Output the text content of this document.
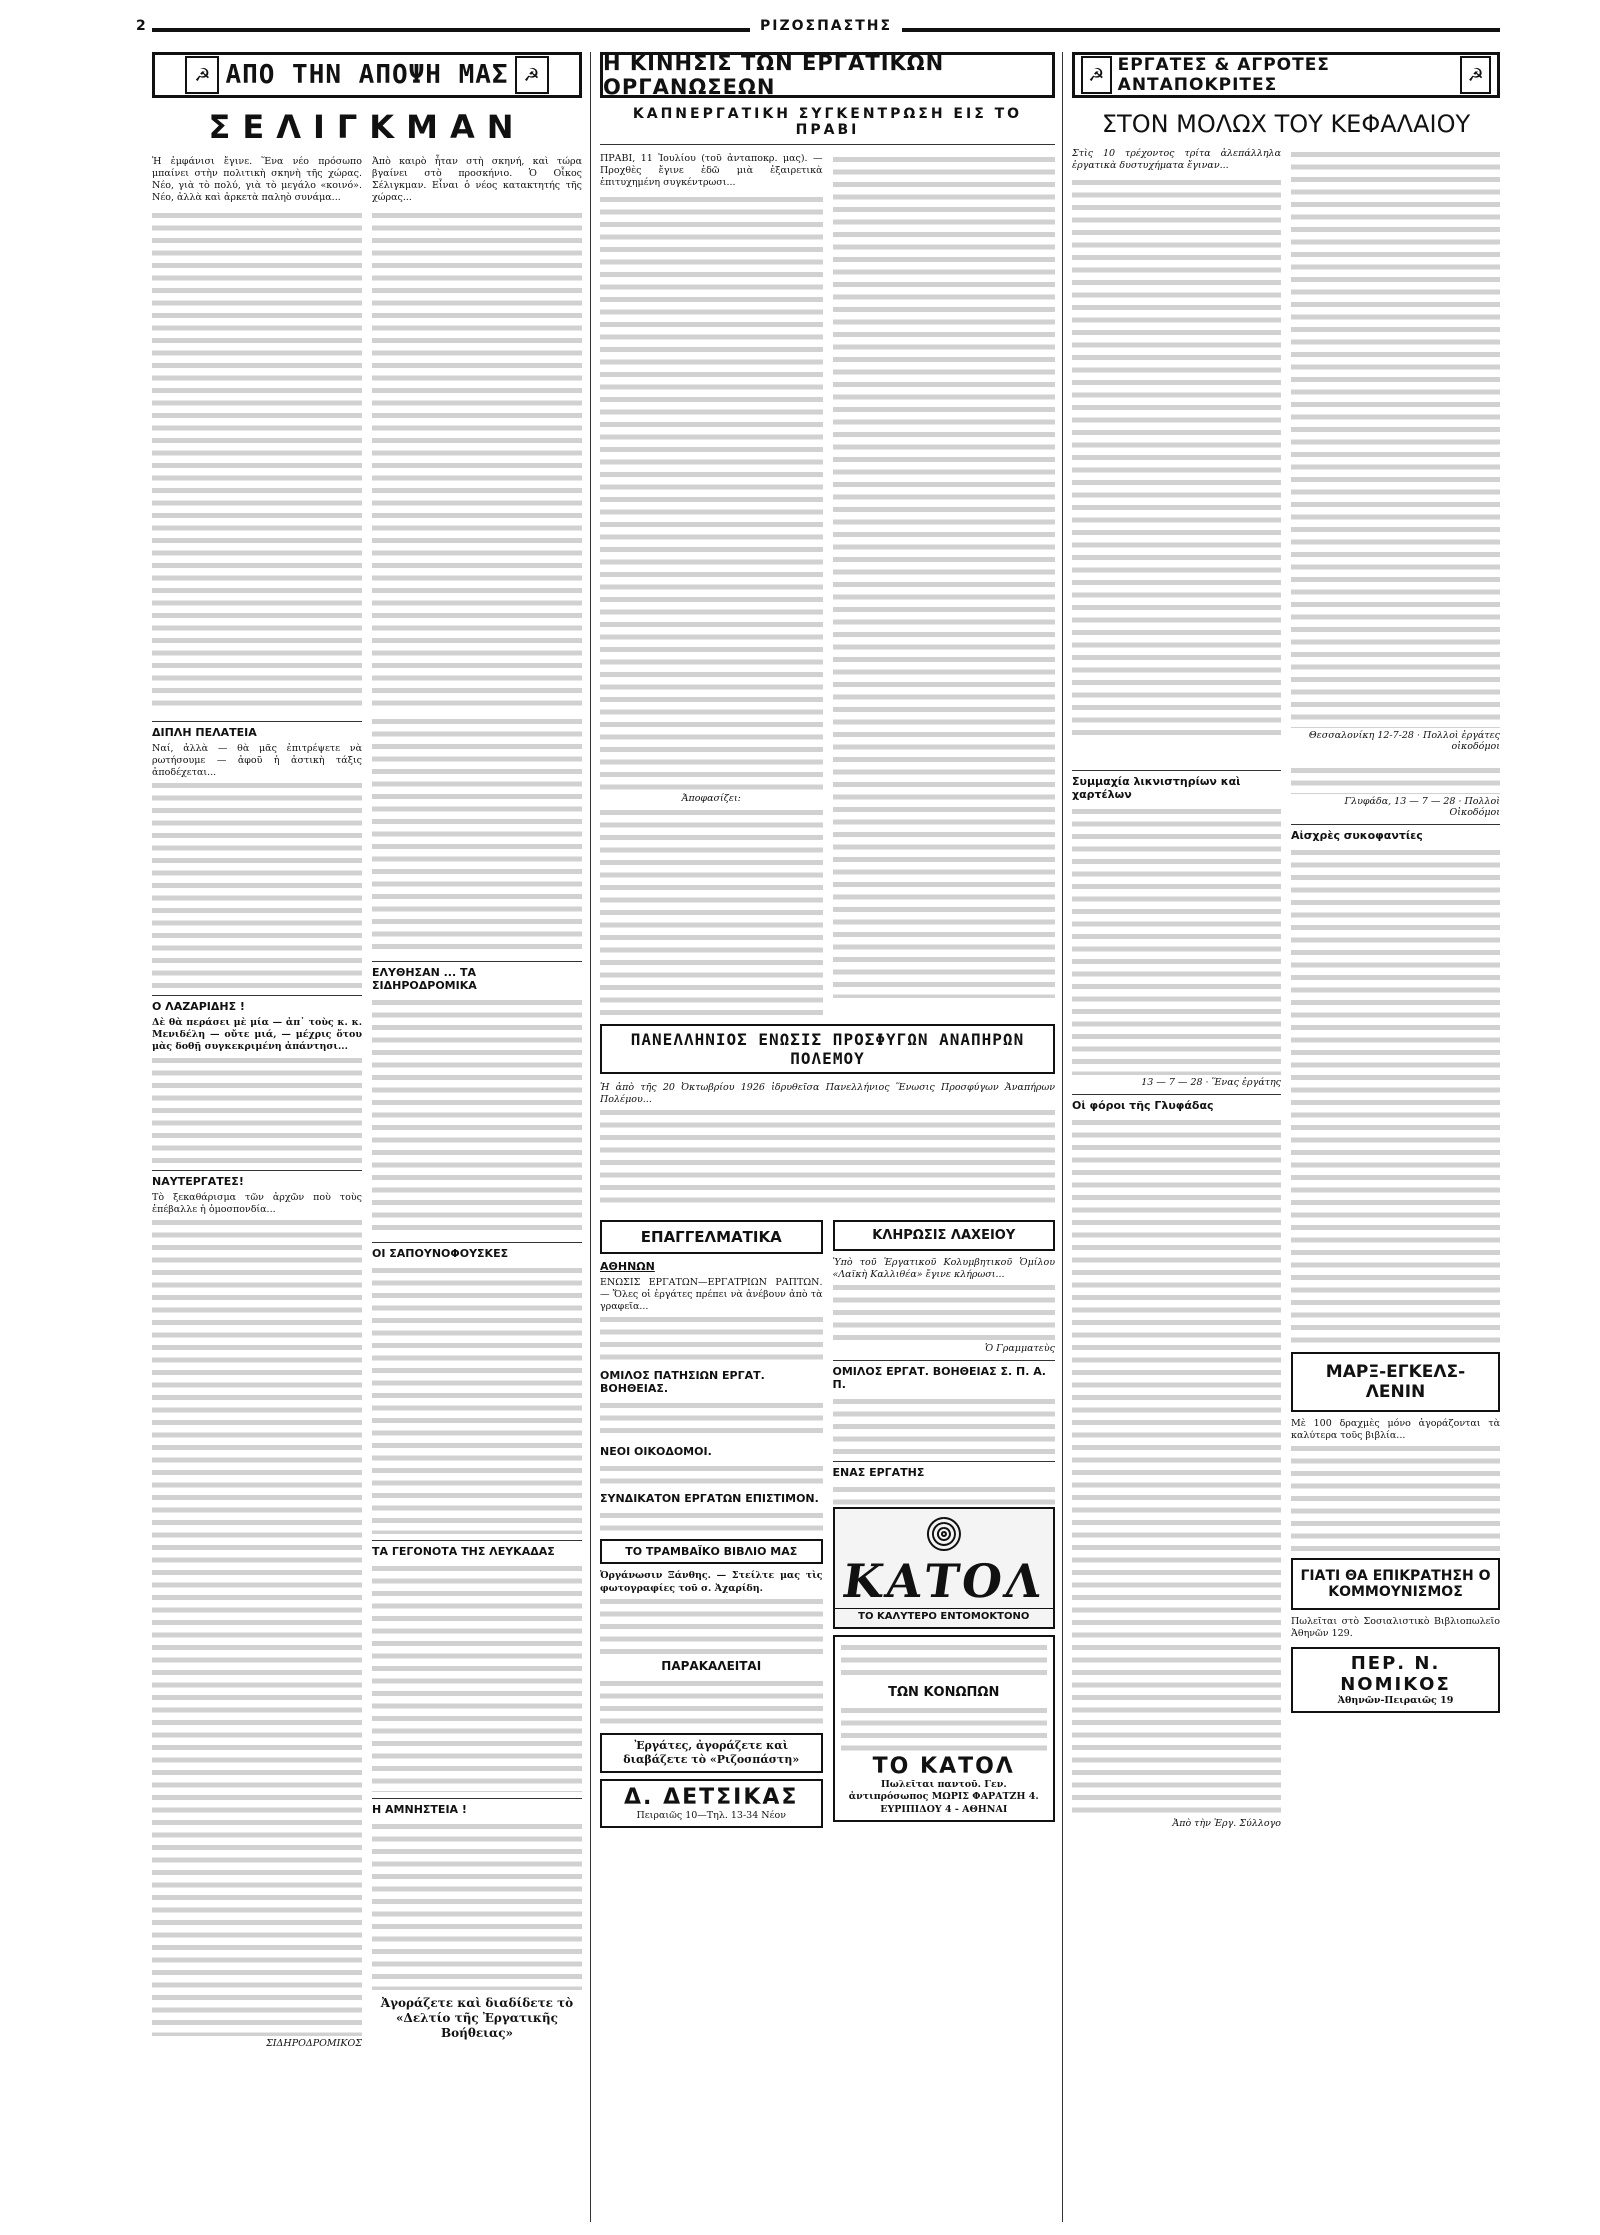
2	ΡΙΖΟΣΠΑΣΤΗΣ
☭ ΑΠΟ ΤΗΝ ΑΠΟΨΗ ΜΑΣ ☭
ΣΕΛΙΓΚΜΑΝ
Ἡ ἐμφάνισι ἔγινε. Ἕνα νέο πρόσωπο μπαίνει στὴν πολιτικὴ σκηνὴ τῆς χώρας. Νέο, γιὰ τὸ πολύ, γιὰ τὸ μεγάλο «κοινό». Νέο, ἀλλὰ καὶ ἀρκετὰ παληὸ συνάμα...
Ἀπὸ καιρὸ ἦταν στὴ σκηνή, καὶ τώρα βγαίνει στὸ προσκήνιο. Ὁ Οἶκος Σέλιγκμαν. Εἶναι ὁ νέος κατακτητής τῆς χώρας...
ΔΙΠΛΗ ΠΕΛΑΤΕΙΑ
Ναί, ἀλλὰ — θὰ μᾶς ἐπιτρέψετε νὰ ρωτήσουμε — ἀφοῦ ἡ ἀστικὴ τάξις ἀποδέχεται...
Ο ΛΑΖΑΡΙΔΗΣ !
Δὲ θὰ περάσει μὲ μία — ἀπ᾿ τοὺς κ. κ. Μενιδέλη — οὔτε μιά, — μέχρις ὅτου μὰς δοθῇ συγκεκριμένη ἀπάντησι...
ΝΑΥΤΕΡΓΑΤΕΣ!
Τὸ ξεκαθάρισμα τῶν ἀρχῶν ποὺ τοὺς ἐπέβαλλε ἡ ὁμοσπονδία...
ΣΙΔΗΡΟΔΡΟΜΙΚΟΣ
ΕΛΥΘΗΣΑΝ ... ΤΑ ΣΙΔΗΡΟΔΡΟΜΙΚΑ
ΟΙ ΣΑΠΟΥΝΟΦΟΥΣΚΕΣ
ΤΑ ΓΕΓΟΝΟΤΑ ΤΗΣ ΛΕΥΚΑΔΑΣ
Η ΑΜΝΗΣΤΕΙΑ !
Ἀγοράζετε καὶ διαδίδετε τὸ «Δελτίο τῆς Ἐργατικῆς Βοήθειας»
Η ΚΙΝΗΣΙΣ ΤΩΝ ΕΡΓΑΤΙΚΩΝ ΟΡΓΑΝΩΣΕΩΝ
ΚΑΠΝΕΡΓΑΤΙΚΗ ΣΥΓΚΕΝΤΡΩΣΗ ΕΙΣ ΤΟ ΠΡΑΒΙ
ΠΡΑΒΙ, 11 Ἰουλίου (τοῦ ἀνταποκρ. μας). — Προχθὲς ἔγινε ἐδῶ μιὰ ἐξαιρετικὰ ἐπιτυχημένη συγκέντρωσι...
Ἀποφασίζει:
ΠΑΝΕΛΛΗΝΙΟΣ ΕΝΩΣΙΣ ΠΡΟΣΦΥΓΩΝ ΑΝΑΠΗΡΩΝ ΠΟΛΕΜΟΥ
Ἡ ἀπὸ τῆς 20 Ὀκτωβρίου 1926 ἱδρυθεῖσα Πανελλήνιος Ἕνωσις Προσφύγων Ἀναπήρων Πολέμου...
ΕΠΑΓΓΕΛΜΑΤΙΚΑ
ΑΘΗΝΩΝ
ΕΝΩΣΙΣ ΕΡΓΑΤΩΝ—ΕΡΓΑΤΡΙΩΝ ΡΑΠΤΩΝ. — Ὅλες οἱ ἐργάτες πρέπει νὰ ἀνέβουν ἀπὸ τὰ γραφεῖα...
ΟΜΙΛΟΣ ΠΑΤΗΣΙΩΝ ΕΡΓΑΤ. ΒΟΗΘΕΙΑΣ.
ΝΕΟΙ ΟΙΚΟΔΟΜΟΙ.
ΣΥΝΔΙΚΑΤΟΝ ΕΡΓΑΤΩΝ ΕΠΙΣΤΙΜΟΝ.
ΤΟ ΤΡΑΜΒΑΪΚΟ ΒΙΒΛΙΟ ΜΑΣ
Ὀργάνωσιν Ξάνθης. — Στείλτε μας τὶς φωτογραφίες τοῦ σ. Ἀχαρίδη.
ΠΑΡΑΚΑΛΕΙΤΑΙ
Ἐργάτες, ἀγοράζετε καὶ διαβάζετε τὸ «Ριζοσπάστη»
Δ. ΔΕΤΣΙΚΑΣ
Πειραιῶς 10—Τηλ. 13-34 Νέον
ΚΛΗΡΩΣΙΣ ΛΑΧΕΙΟΥ
Ὑπὸ τοῦ Ἐργατικοῦ Κολυμβητικοῦ Ὁμίλου «Λαϊκὴ Καλλιθέα» ἔγινε κλήρωσι...
Ὁ Γραμματεὺς
ΟΜΙΛΟΣ ΕΡΓΑΤ. ΒΟΗΘΕΙΑΣ Σ. Π. Α. Π.
ΕΝΑΣ ΕΡΓΑΤΗΣ
ΚΑΤΟΛ
ΤΟ ΚΑΛΥΤΕΡΟ ΕΝΤΟΜΟΚΤΟΝΟ
ΤΩΝ ΚΟΝΩΠΩΝ
ΤΟ ΚΑΤΟΛ
Πωλεῖται παντοῦ. Γεν. ἀντιπρόσωπος ΜΩΡΙΣ ΦΑΡΑΤΖΗ 4. ΕΥΡΙΠΙΔΟΥ 4 - ΑΘΗΝΑΙ
☭ ΕΡΓΑΤΕΣ & ΑΓΡΟΤΕΣ ΑΝΤΑΠΟΚΡΙΤΕΣ	☭
ΣΤΟΝ ΜΟΛΩΧ ΤΟΥ ΚΕΦΑΛΑΙΟΥ
Στὶς 10 τρέχοντος τρίτα ἀλεπάλληλα ἐργατικὰ δυστυχήματα ἔγιναν...
Θεσσαλονίκη 12-7-28 · Πολλοὶ ἐργάτες οἰκοδόμοι
Συμμαχία λικνιστηρίων καὶ χαρτέλων
13 — 7 — 28 · Ἕνας ἐργάτης
Οἱ φόροι τῆς Γλυφάδας
Ἀπὸ τὴν Ἐργ. Σύλλογο
Γλυφάδα, 13 — 7 — 28 · Πολλοὶ Οἰκοδόμοι
Αἰσχρὲς συκοφαντίες
ΜΑΡΞ-ΕΓΚΕΛΣ-ΛΕΝΙΝ
Μὲ 100 δραχμὲς μόνο ἀγοράζονται τὰ καλύτερα τοῦς βιβλία...
ΓΙΑΤΙ ΘΑ ΕΠΙΚΡΑΤΗΣΗ Ο ΚΟΜΜΟΥΝΙΣΜΟΣ
Πωλεῖται στὸ Σοσιαλιστικὸ Βιβλιοπωλεῖο Ἀθηνῶν 129.
ΠΕΡ. Ν. ΝΟΜΙΚΟΣ
Ἀθηνῶν-Πειραιῶς 19
